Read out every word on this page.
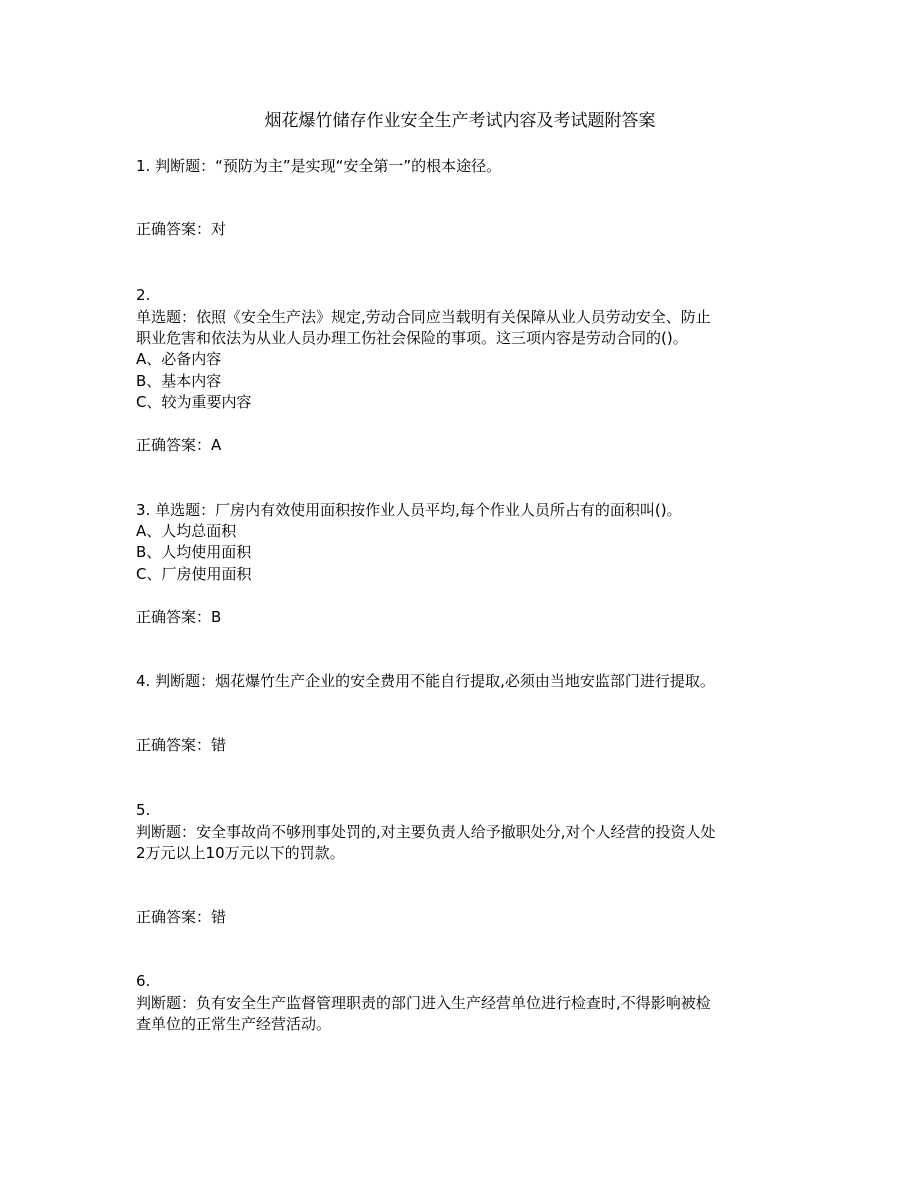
烟花爆竹储存作业安全生产考试内容及考试题附答案
1. 判断题：“预防为主”是实现“安全第一”的根本途径。
正确答案：对
2.
单选题：依照《安全生产法》规定,劳动合同应当载明有关保障从业人员劳动安全、防止
职业危害和依法为从业人员办理工伤社会保险的事项。这三项内容是劳动合同的()。
A、必备内容
B、基本内容
C、较为重要内容
正确答案：A
3. 单选题：厂房内有效使用面积按作业人员平均,每个作业人员所占有的面积叫()。
A、人均总面积
B、人均使用面积
C、厂房使用面积
正确答案：B
4. 判断题：烟花爆竹生产企业的安全费用不能自行提取,必须由当地安监部门进行提取。
正确答案：错
5.
判断题：安全事故尚不够刑事处罚的,对主要负责人给予撤职处分,对个人经营的投资人处
2万元以上10万元以下的罚款。
正确答案：错
6.
判断题：负有安全生产监督管理职责的部门进入生产经营单位进行检查时,不得影响被检
查单位的正常生产经营活动。
